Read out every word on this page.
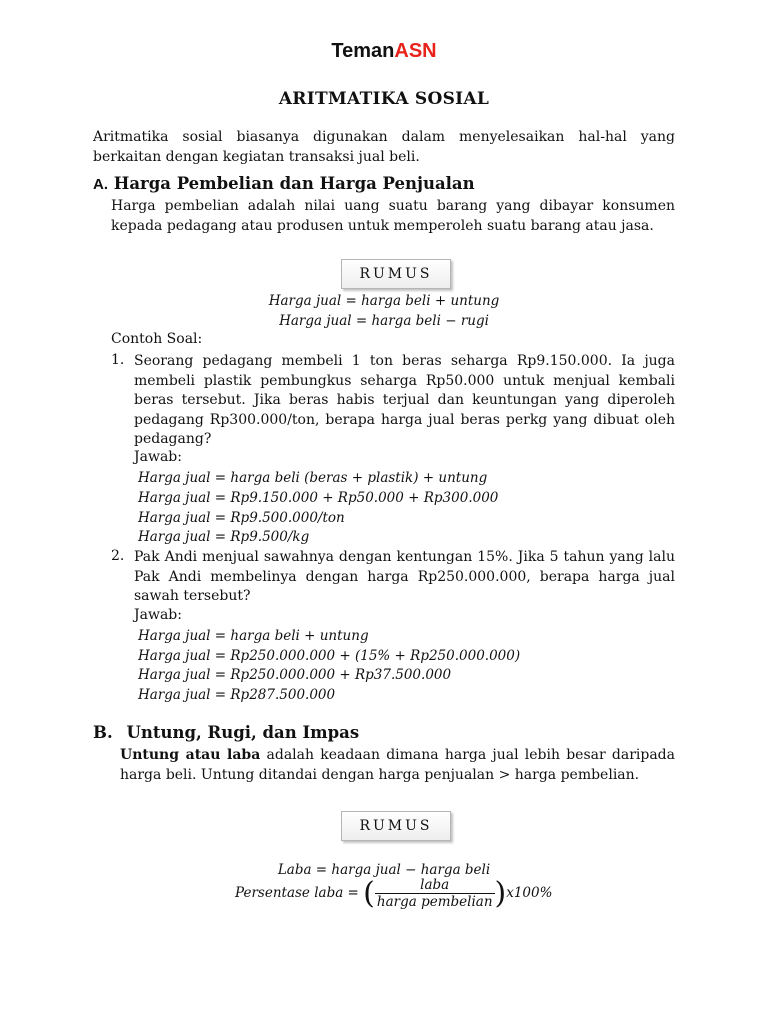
TemanASN
ARITMATIKA SOSIAL
Aritmatika sosial biasanya digunakan dalam menyelesaikan hal-hal yang berkaitan dengan kegiatan transaksi jual beli.
A. Harga Pembelian dan Harga Penjualan
Harga pembelian adalah nilai uang suatu barang yang dibayar konsumen kepada pedagang atau produsen untuk memperoleh suatu barang atau jasa.
RUMUS
Harga jual = harga beli + untung
Harga jual = harga beli − rugi
Contoh Soal:
1. Seorang pedagang membeli 1 ton beras seharga Rp9.150.000. Ia juga membeli plastik pembungkus seharga Rp50.000 untuk menjual kembali beras tersebut. Jika beras habis terjual dan keuntungan yang diperoleh pedagang Rp300.000/ton, berapa harga jual beras perkg yang dibuat oleh pedagang?
Jawab:
Harga jual = harga beli (beras + plastik) + untung
Harga jual = Rp9.150.000 + Rp50.000 + Rp300.000
Harga jual = Rp9.500.000/ton
Harga jual = Rp9.500/kg
2. Pak Andi menjual sawahnya dengan kentungan 15%. Jika 5 tahun yang lalu Pak Andi membelinya dengan harga Rp250.000.000, berapa harga jual sawah tersebut?
Jawab:
Harga jual = harga beli + untung
Harga jual = Rp250.000.000 + (15% + Rp250.000.000)
Harga jual = Rp250.000.000 + Rp37.500.000
Harga jual = Rp287.500.000
B. Untung, Rugi, dan Impas
Untung atau laba adalah keadaan dimana harga jual lebih besar daripada harga beli. Untung ditandai dengan harga penjualan > harga pembelian.
RUMUS
Laba = harga jual − harga beli
Persentase laba = ( $\frac{\text{laba}}{\text{harga pembelian}} )x100\%$
